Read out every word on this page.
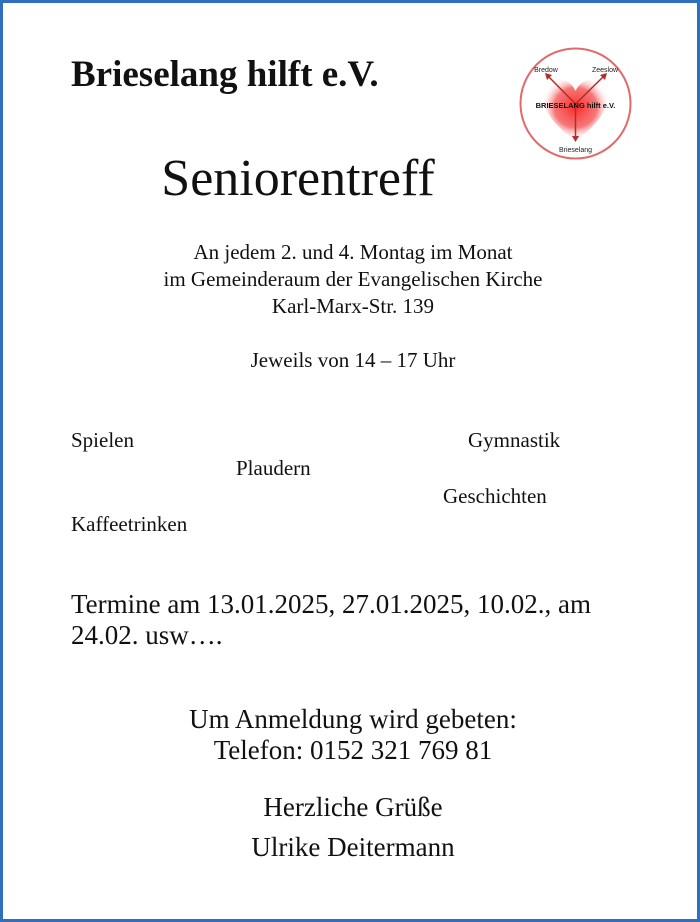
Brieselang hilft e.V.	Bredow	Zeeslow
BRIESELANG hilft e.V.
Brieselang
Seniorentreff
An jedem 2. und 4. Montag im Monat
im Gemeinderaum der Evangelischen Kirche
Karl-Marx-Str. 139
Jeweils von 14 – 17 Uhr
Spielen	Gymnastik
Plaudern
Geschichten
Kaffeetrinken
Termine am 13.01.2025, 27.01.2025, 10.02., am 24.02. usw….
Um Anmeldung wird gebeten:
Telefon: 0152 321 769 81
Herzliche Grüße
Ulrike Deitermann
